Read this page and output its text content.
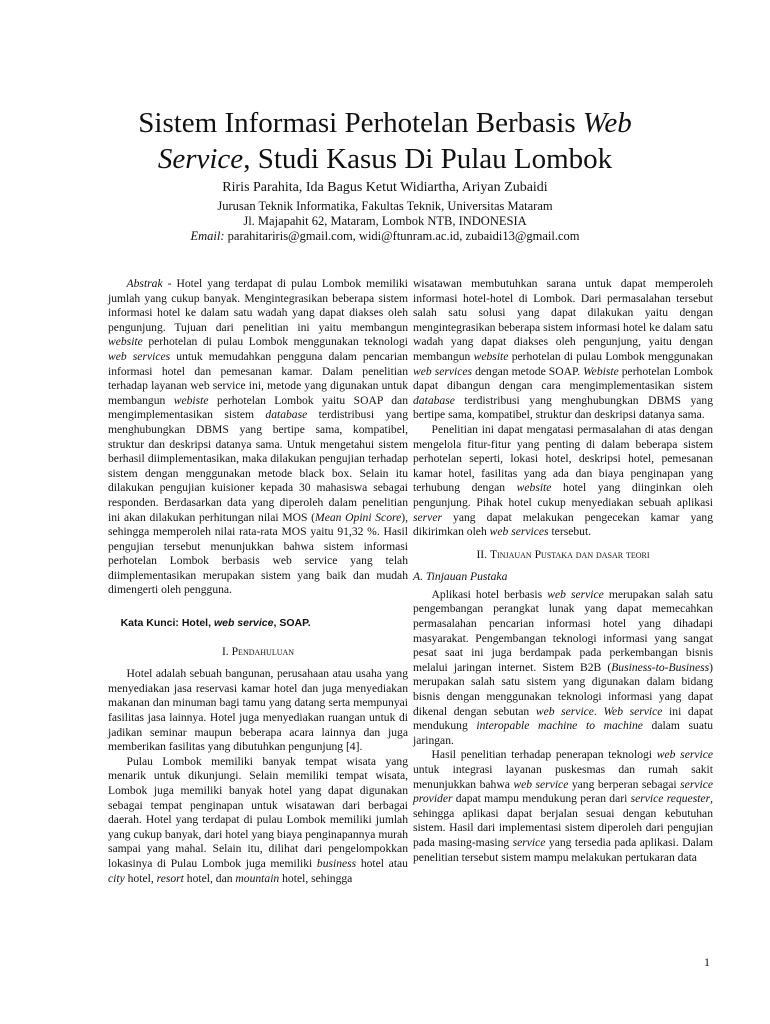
Sistem Informasi Perhotelan Berbasis Web
Service, Studi Kasus Di Pulau Lombok
Riris Parahita, Ida Bagus Ketut Widiartha, Ariyan Zubaidi
Jurusan Teknik Informatika, Fakultas Teknik, Universitas Mataram
Jl. Majapahit 62, Mataram, Lombok NTB, INDONESIA
Email: parahitariris@gmail.com, widi@ftunram.ac.id, zubaidi13@gmail.com

Abstrak - Hotel yang terdapat di pulau Lombok memiliki jumlah yang cukup banyak. Mengintegrasikan beberapa sistem informasi hotel ke dalam satu wadah yang dapat diakses oleh pengunjung. Tujuan dari penelitian ini yaitu membangun website perhotelan di pulau Lombok menggunakan teknologi web services untuk memudahkan pengguna dalam pencarian informasi hotel dan pemesanan kamar. Dalam penelitian terhadap layanan web service ini, metode yang digunakan untuk membangun webiste perhotelan Lombok yaitu SOAP dan mengimplementasikan sistem database terdistribusi yang menghubungkan DBMS yang bertipe sama, kompatibel, struktur dan deskripsi datanya sama. Untuk mengetahui sistem berhasil diimplementasikan, maka dilakukan pengujian terhadap sistem dengan menggunakan metode black box. Selain itu dilakukan pengujian kuisioner kepada 30 mahasiswa sebagai responden. Berdasarkan data yang diperoleh dalam penelitian ini akan dilakukan perhitungan nilai MOS (Mean Opini Score), sehingga memperoleh nilai rata-rata MOS yaitu 91,32 %. Hasil pengujian tersebut menunjukkan bahwa sistem informasi perhotelan Lombok berbasis web service yang telah diimplementasikan merupakan sistem yang baik dan mudah dimengerti oleh pengguna.

Kata Kunci: Hotel, web service, SOAP.

I. Pendahuluan

Hotel adalah sebuah bangunan, perusahaan atau usaha yang menyediakan jasa reservasi kamar hotel dan juga menyediakan makanan dan minuman bagi tamu yang datang serta mempunyai fasilitas jasa lainnya. Hotel juga menyediakan ruangan untuk di jadikan seminar maupun beberapa acara lainnya dan juga memberikan fasilitas yang dibutuhkan pengunjung [4].

Pulau Lombok memiliki banyak tempat wisata yang menarik untuk dikunjungi. Selain memiliki tempat wisata, Lombok juga memiliki banyak hotel yang dapat digunakan sebagai tempat penginapan untuk wisatawan dari berbagai daerah. Hotel yang terdapat di pulau Lombok memiliki jumlah yang cukup banyak, dari hotel yang biaya penginapannya murah sampai yang mahal. Selain itu, dilihat dari pengelompokkan lokasinya di Pulau Lombok juga memiliki business hotel atau city hotel, resort hotel, dan mountain hotel, sehingga

wisatawan membutuhkan sarana untuk dapat memperoleh informasi hotel-hotel di Lombok. Dari permasalahan tersebut salah satu solusi yang dapat dilakukan yaitu dengan mengintegrasikan beberapa sistem informasi hotel ke dalam satu wadah yang dapat diakses oleh pengunjung, yaitu dengan membangun website perhotelan di pulau Lombok menggunakan web services dengan metode SOAP. Webiste perhotelan Lombok dapat dibangun dengan cara mengimplementasikan sistem database terdistribusi yang menghubungkan DBMS yang bertipe sama, kompatibel, struktur dan deskripsi datanya sama.

Penelitian ini dapat mengatasi permasalahan di atas dengan mengelola fitur-fitur yang penting di dalam beberapa sistem perhotelan seperti, lokasi hotel, deskripsi hotel, pemesanan kamar hotel, fasilitas yang ada dan biaya penginapan yang terhubung dengan website hotel yang diinginkan oleh pengunjung. Pihak hotel cukup menyediakan sebuah aplikasi server yang dapat melakukan pengecekan kamar yang dikirimkan oleh web services tersebut.

II. Tinjauan Pustaka dan dasar teori

A. Tinjauan Pustaka

Aplikasi hotel berbasis web service merupakan salah satu pengembangan perangkat lunak yang dapat memecahkan permasalahan pencarian informasi hotel yang dihadapi masyarakat. Pengembangan teknologi informasi yang sangat pesat saat ini juga berdampak pada perkembangan bisnis melalui jaringan internet. Sistem B2B (Business-to-Business) merupakan salah satu sistem yang digunakan dalam bidang bisnis dengan menggunakan teknologi informasi yang dapat dikenal dengan sebutan web service. Web service ini dapat mendukung interopable machine to machine dalam suatu jaringan.

Hasil penelitian terhadap penerapan teknologi web service untuk integrasi layanan puskesmas dan rumah sakit menunjukkan bahwa web service yang berperan sebagai service provider dapat mampu mendukung peran dari service requester, sehingga aplikasi dapat berjalan sesuai dengan kebutuhan sistem. Hasil dari implementasi sistem diperoleh dari pengujian pada masing-masing service yang tersedia pada aplikasi. Dalam penelitian tersebut sistem mampu melakukan pertukaran data

1
